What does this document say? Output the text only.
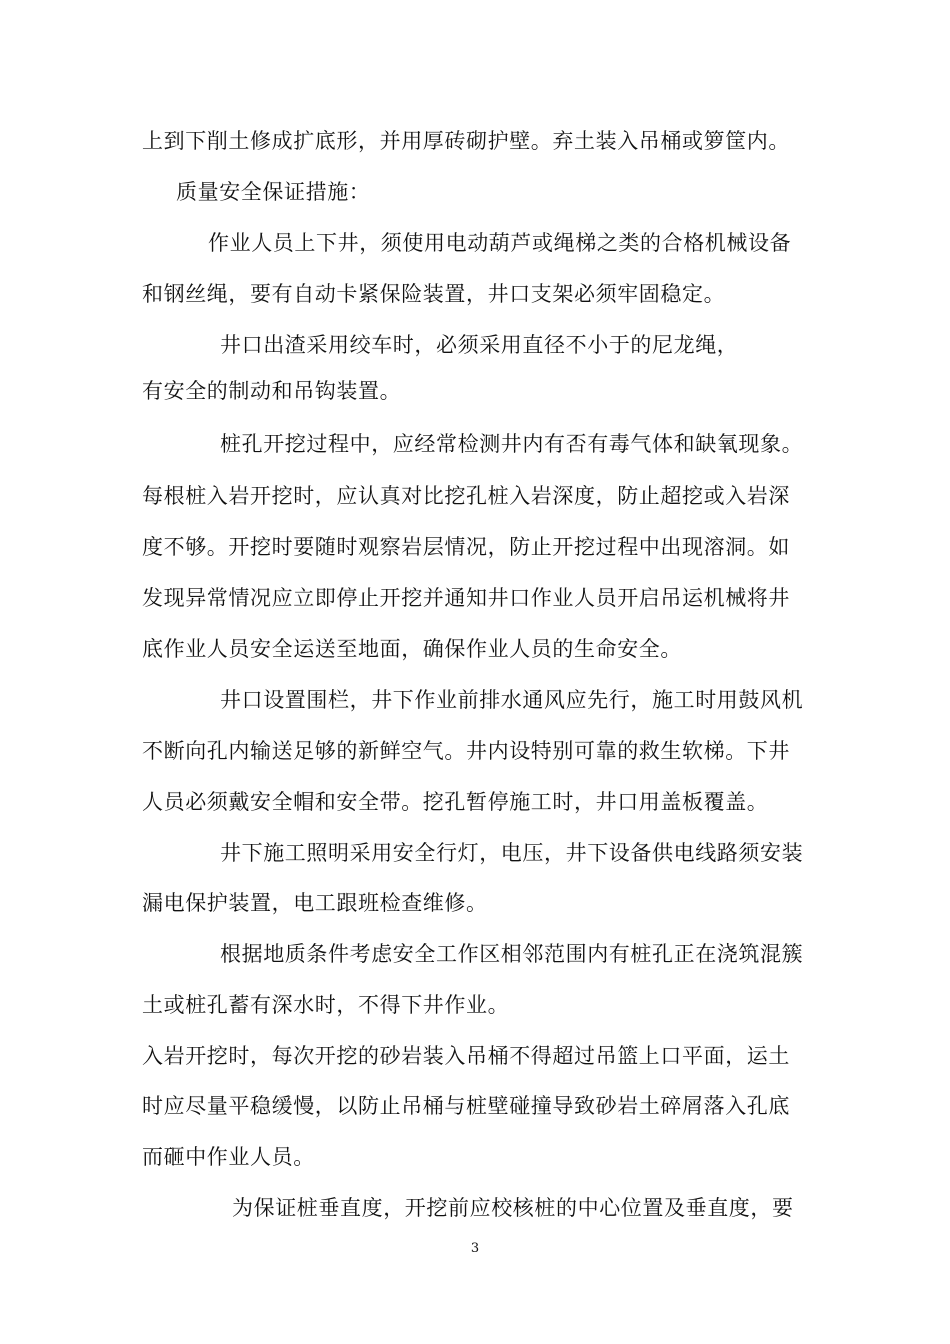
上到下削土修成扩底形，并用厚砖砌护壁。弃土装入吊桶或箩筐内。
质量安全保证措施：
作业人员上下井，须使用电动葫芦或绳梯之类的合格机械设备
和钢丝绳，要有自动卡紧保险装置，井口支架必须牢固稳定。
井口出渣采用绞车时，必须采用直径不小于的尼龙绳，
有安全的制动和吊钩装置。
桩孔开挖过程中，应经常检测井内有否有毒气体和缺氧现象。
每根桩入岩开挖时，应认真对比挖孔桩入岩深度，防止超挖或入岩深
度不够。开挖时要随时观察岩层情况，防止开挖过程中出现溶洞。如
发现异常情况应立即停止开挖并通知井口作业人员开启吊运机械将井
底作业人员安全运送至地面，确保作业人员的生命安全。
井口设置围栏，井下作业前排水通风应先行，施工时用鼓风机
不断向孔内输送足够的新鲜空气。井内设特别可靠的救生软梯。下井
人员必须戴安全帽和安全带。挖孔暂停施工时，井口用盖板覆盖。
井下施工照明采用安全行灯，电压，井下设备供电线路须安装
漏电保护装置，电工跟班检查维修。
根据地质条件考虑安全工作区相邻范围内有桩孔正在浇筑混簇
土或桩孔蓄有深水时，不得下井作业。
入岩开挖时，每次开挖的砂岩装入吊桶不得超过吊篮上口平面，运土
时应尽量平稳缓慢，以防止吊桶与桩壁碰撞导致砂岩土碎屑落入孔底
而砸中作业人员。
为保证桩垂直度，开挖前应校核桩的中心位置及垂直度，要
3
